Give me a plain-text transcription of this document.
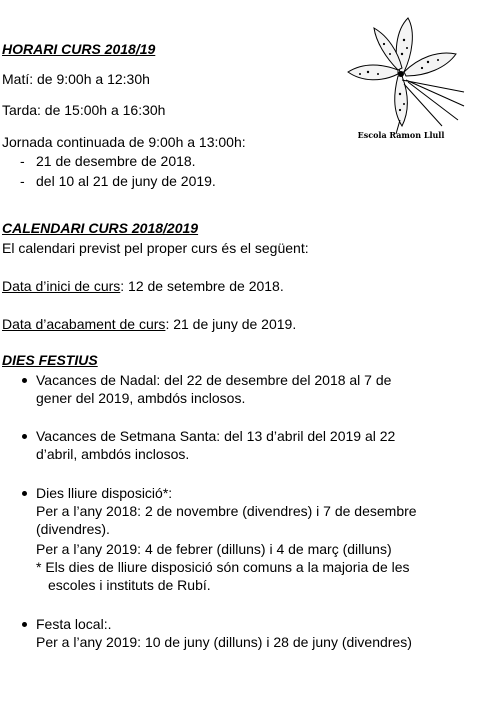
Escola Ramon Llull
HORARI CURS 2018/19
Matí: de 9:00h a 12:30h
Tarda: de 15:00h a 16:30h
Jornada continuada de 9:00h a 13:00h:
- 21 de desembre de 2018.
- del 10 al 21 de juny de 2019.
CALENDARI CURS 2018/2019
El calendari previst pel proper curs és el següent:
Data d’inici de curs: 12 de setembre de 2018.
Data d’acabament de curs: 21 de juny de 2019.
DIES FESTIUS
Vacances de Nadal: del 22 de desembre del 2018 al 7 de
gener del 2019, ambdós inclosos.
Vacances de Setmana Santa: del 13 d’abril del 2019 al 22
d’abril, ambdós inclosos.
Dies lliure disposició*:
Per a l’any 2018: 2 de novembre (divendres) i 7 de desembre
(divendres).
Per a l’any 2019: 4 de febrer (dilluns) i 4 de març (dilluns)
* Els dies de lliure disposició són comuns a la majoria de les
escoles i instituts de Rubí.
Festa local:.
Per a l’any 2019: 10 de juny (dilluns) i 28 de juny (divendres)
